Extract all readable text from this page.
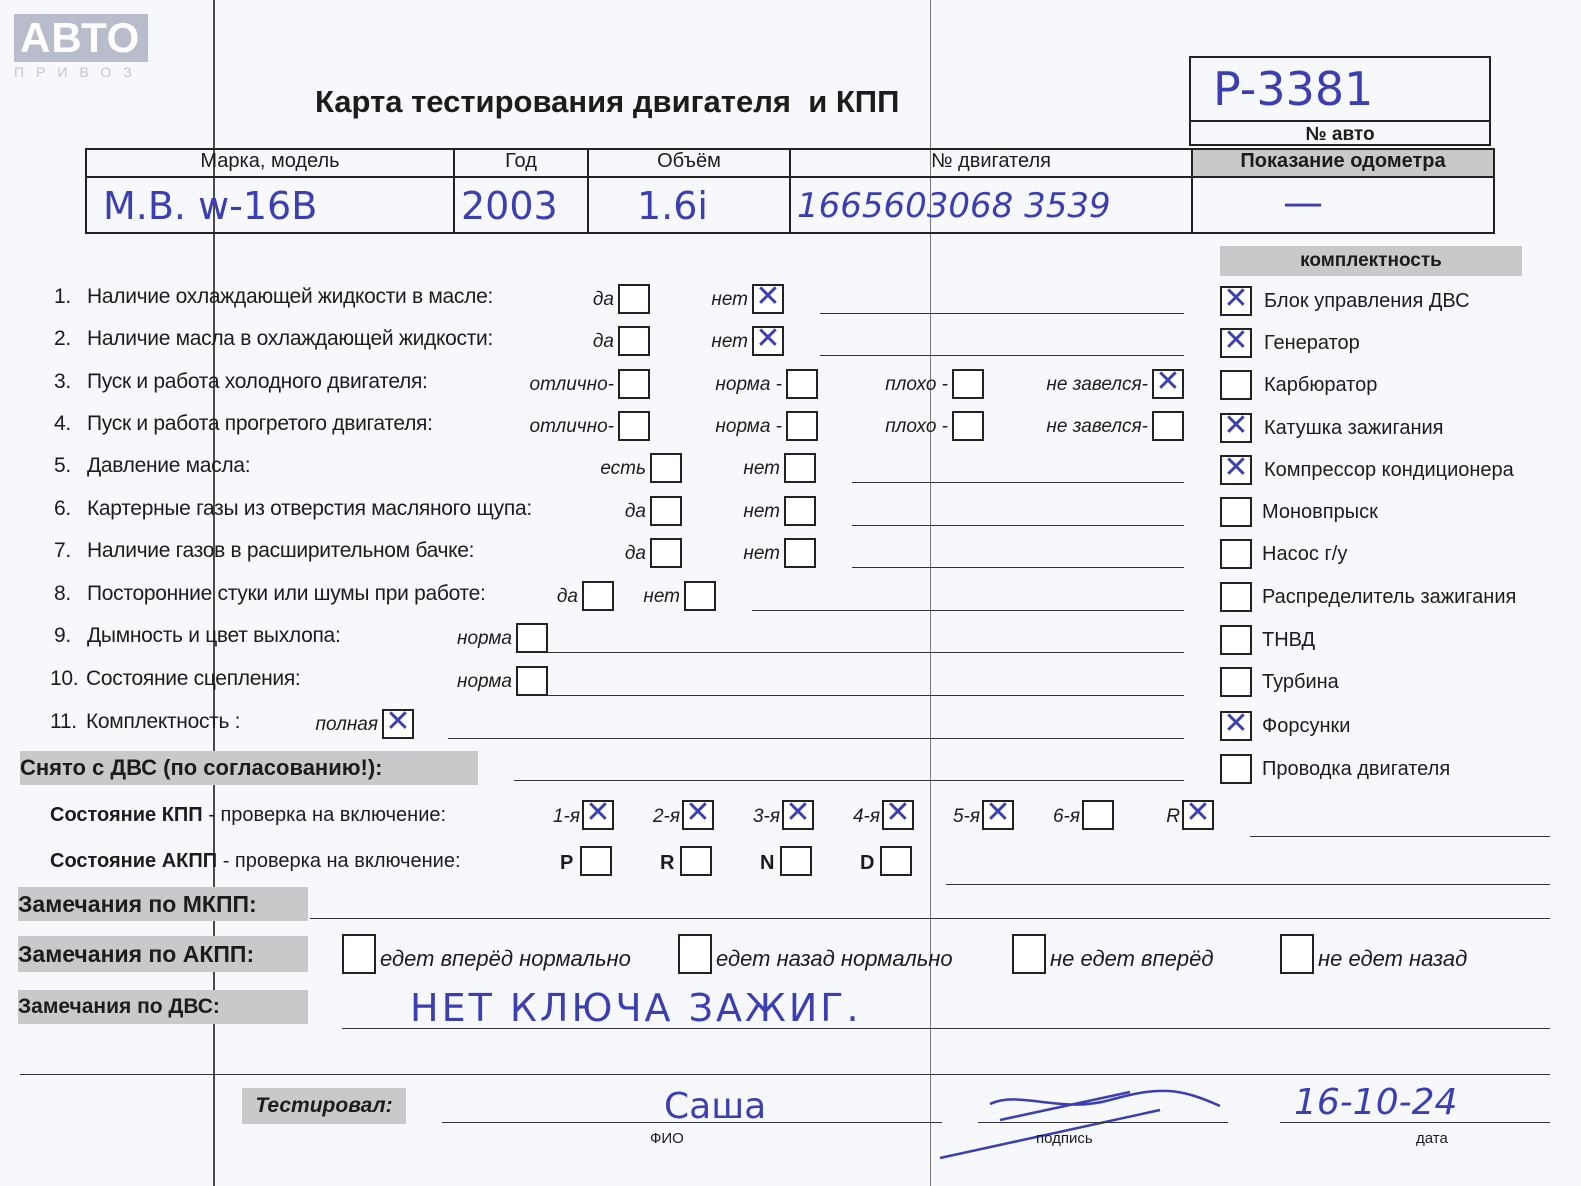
АВТО
ПРИВОЗ
Карта тестирования двигателя  и КПП	P-3381
№ авто
Марка, модель	Год	Объём	№ двигателя	Показание одометра

M.B. w-16B	2003	1.6i	1665603068 3539	—
комплектность
✕ Блок управления ДВС
✕ Генератор
Карбюратор
✕ Катушка зажигания
✕ Компрессор кондиционера
Моновпрыск
Насос г/у
Распределитель зажигания
ТНВД
Турбина
✕ Форсунки
Проводка двигателя
1. Наличие охлаждающей жидкости в масле:	да	нет ✕
2. Наличие масла в охлаждающей жидкости:	да	нет ✕
3. Пуск и работа холодного двигателя:	отлично-	норма -	плохо -	не завелся- ✕
4. Пуск и работа прогретого двигателя:	отлично-	норма -	плохо -	не завелся-
5. Давление масла:	есть	нет
6. Картерные газы из отверстия масляного щупа:	да	нет
7. Наличие газов в расширительном бачке:	да	нет
8. Посторонние стуки или шумы при работе:	да	нет
9. Дымность и цвет выхлопа:	норма
10. Состояние сцепления:	норма
11. Комплектность :	полная ✕
Снято с ДВС (по согласованию!):
Состояние КПП - проверка на включение:	1-я ✕	2-я ✕	3-я ✕	4-я ✕	5-я ✕	6-я	R ✕
Состояние АКПП - проверка на включение:	P	R	N	D
Замечания по МКПП:
Замечания по АКПП:	едет вперёд нормально	едет назад нормально	не едет вперёд	не едет назад
Замечания по ДВС:	НЕТ КЛЮЧА ЗАЖИГ.
Тестировал:	Саша
ФИО	подпись
16-10-24
дата
